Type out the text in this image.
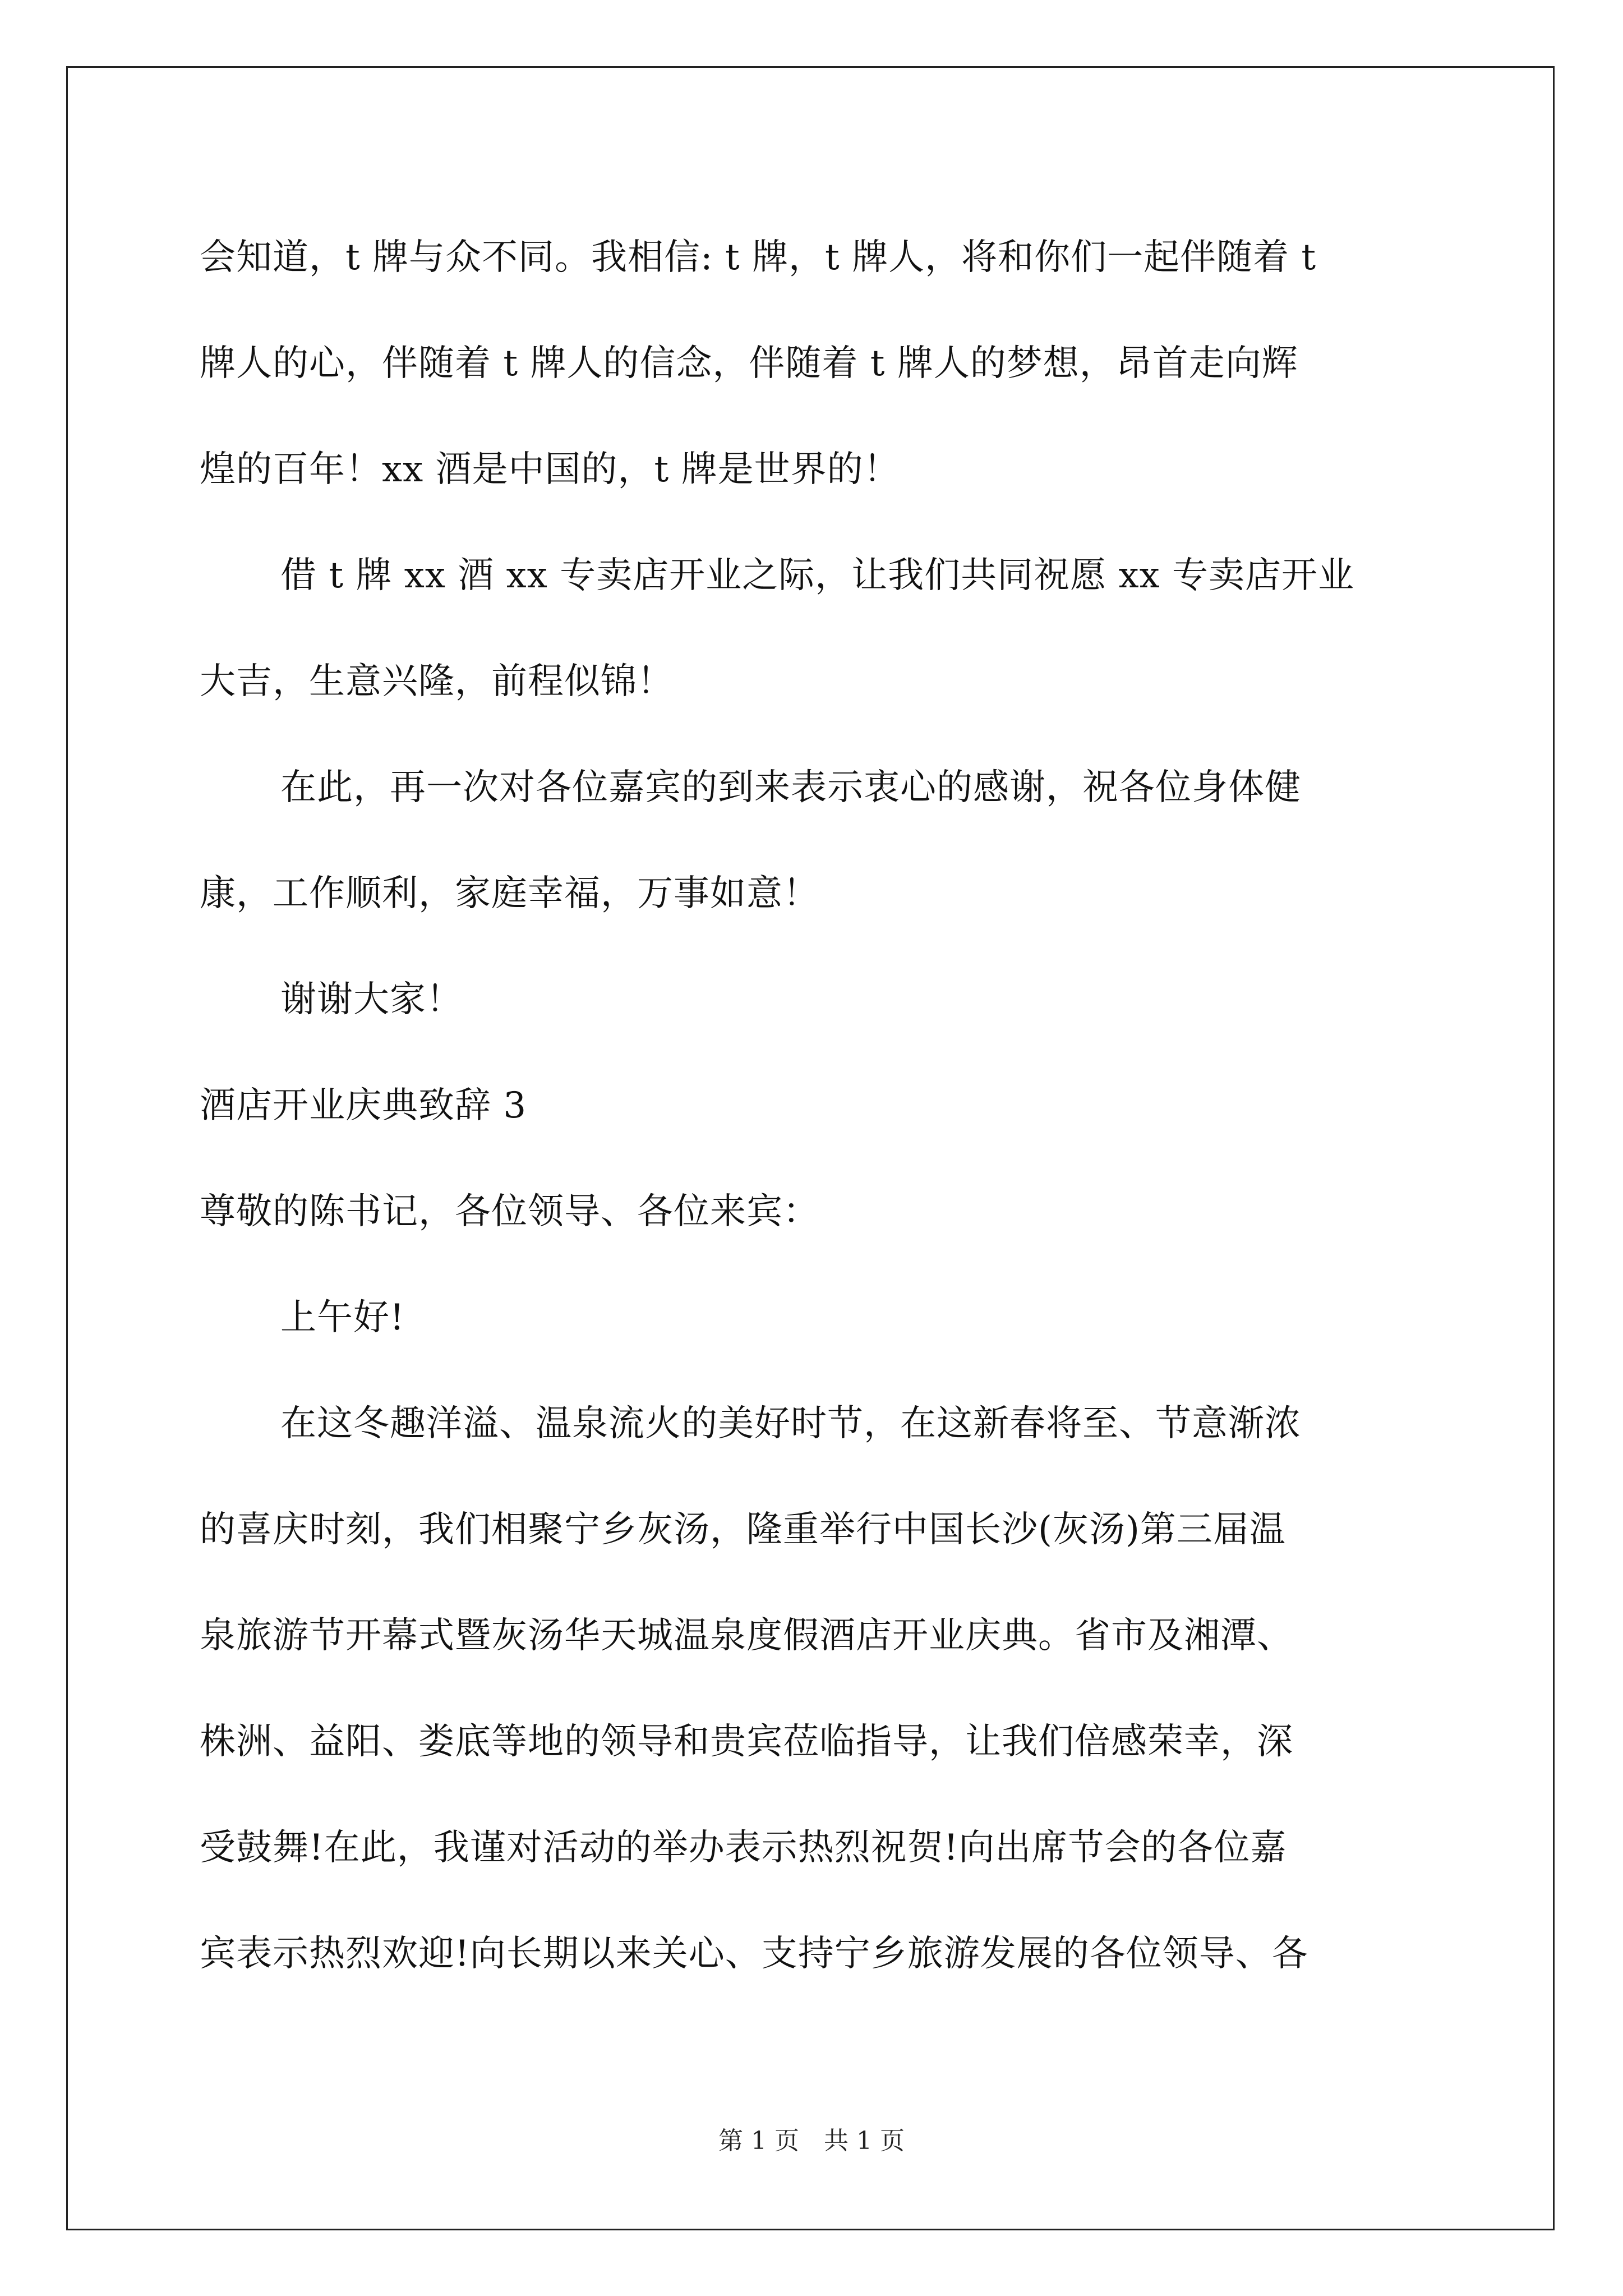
会知道，t 牌与众不同。我相信: t 牌，t 牌人，将和你们一起伴随着 t
牌人的心，伴随着 t 牌人的信念，伴随着 t 牌人的梦想，昂首走向辉
煌的百年！xx 酒是中国的，t 牌是世界的！
借 t 牌 xx 酒 xx 专卖店开业之际，让我们共同祝愿 xx 专卖店开业
大吉，生意兴隆，前程似锦！
在此，再一次对各位嘉宾的到来表示衷心的感谢，祝各位身体健
康，工作顺利，家庭幸福，万事如意！
谢谢大家！
酒店开业庆典致辞 3
尊敬的陈书记，各位领导、各位来宾：
上午好!
在这冬趣洋溢、温泉流火的美好时节，在这新春将至、节意渐浓
的喜庆时刻，我们相聚宁乡灰汤，隆重举行中国长沙(灰汤)第三届温
泉旅游节开幕式暨灰汤华天城温泉度假酒店开业庆典。省市及湘潭、
株洲、益阳、娄底等地的领导和贵宾莅临指导，让我们倍感荣幸，深
受鼓舞!在此，我谨对活动的举办表示热烈祝贺!向出席节会的各位嘉
宾表示热烈欢迎!向长期以来关心、支持宁乡旅游发展的各位领导、各
第 1 页　共 1 页
